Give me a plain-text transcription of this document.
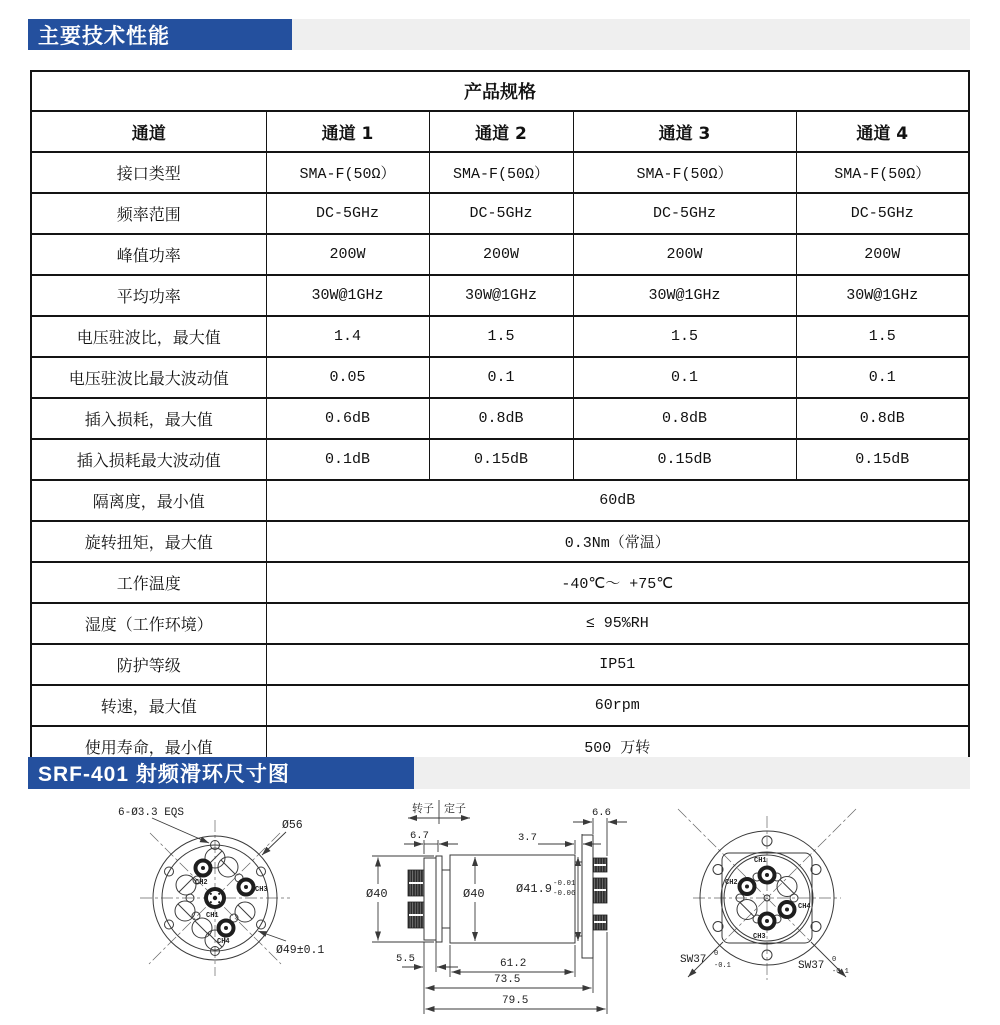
主要技术性能
产品规格				
通道	通道 1	通道 2	通道 3	通道 4
接口类型	SMA-F(50Ω）	SMA-F(50Ω）	SMA-F(50Ω）	SMA-F(50Ω）
频率范围	DC-5GHz	DC-5GHz	DC-5GHz	DC-5GHz
峰值功率	200W	200W	200W	200W
平均功率	30W@1GHz	30W@1GHz	30W@1GHz	30W@1GHz
电压驻波比，最大值	1.4	1.5	1.5	1.5
电压驻波比最大波动值	0.05	0.1	0.1	0.1
插入损耗，最大值	0.6dB	0.8dB	0.8dB	0.8dB
插入损耗最大波动值	0.1dB	0.15dB	0.15dB	0.15dB
隔离度，最小值	60dB			
旋转扭矩，最大值	0.3Nm（常温）			
工作温度	-40℃～ +75℃			
湿度（工作环境）	≤ 95%RH			
防护等级	IP51			
转速，最大值	60rpm			
使用寿命，最小值	500 万转			
SRF-401 射频滑环尺寸图
CH2
CH3
CH1
CH4
6-Ø3.3 EQS
Ø56
Ø49±0.1
转子 定子
6.7
Ø40	Ø40	Ø41.9 -0.01
-0.06
3.7
6.6
5.5	61.2
73.5
79.5
CH1
CH2
CH3
CH4
SW37 0
-0.1	SW37 0
-0.1
